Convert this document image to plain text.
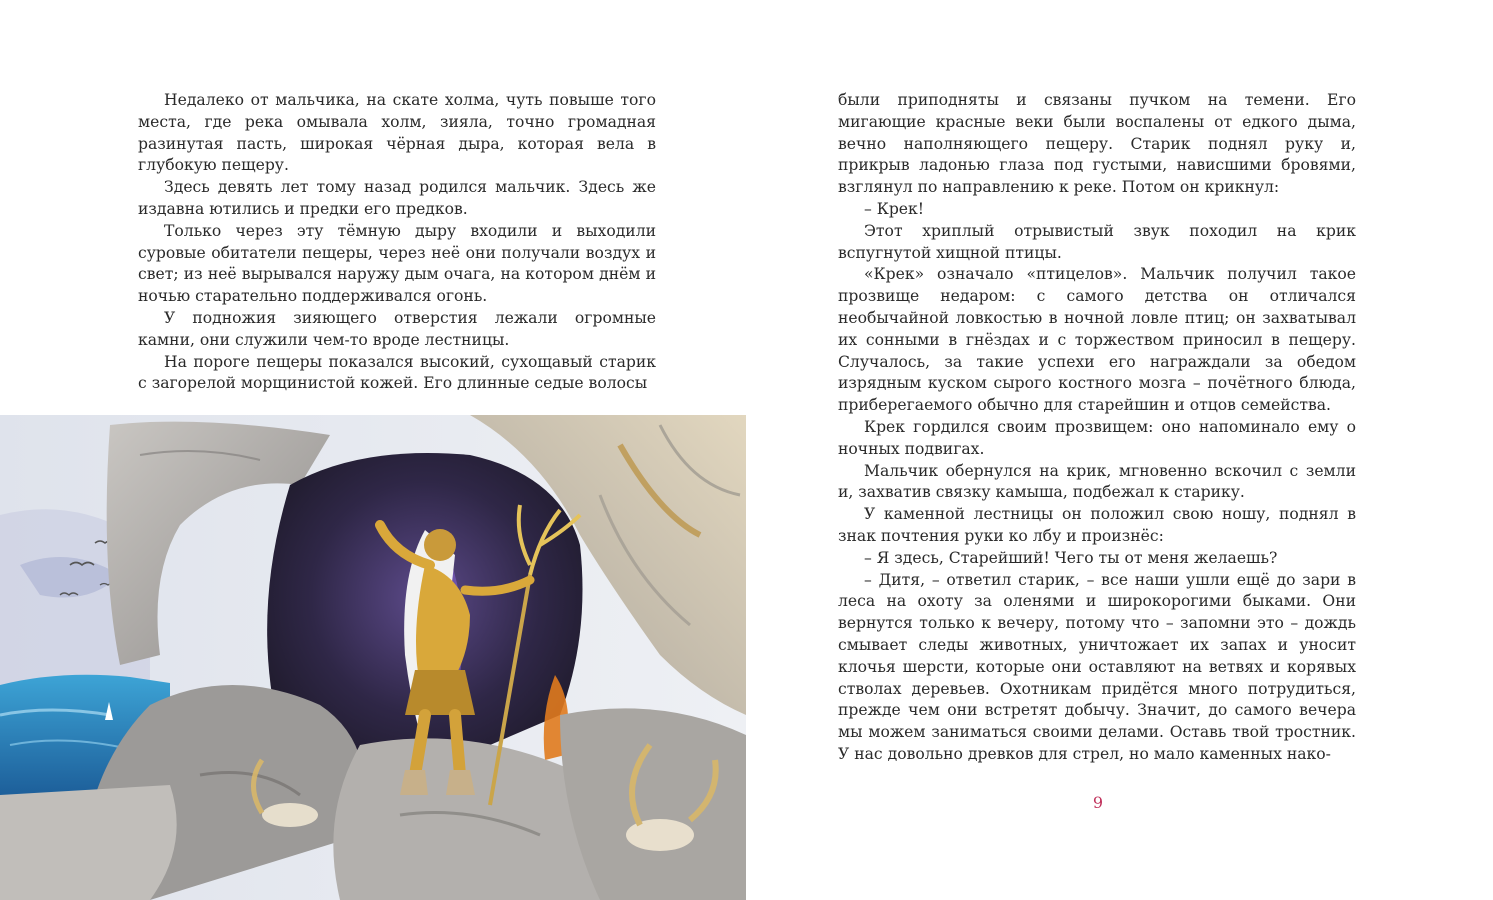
Недалеко от мальчика, на скате холма, чуть повыше того места, где река омывала холм, зияла, точно громадная разинутая пасть, широкая чёрная дыра, которая вела в глубокую пещеру.

Здесь девять лет тому назад родился мальчик. Здесь же издавна ютились и предки его предков.

Только через эту тёмную дыру входили и выходили суровые обитатели пещеры, через неё они получали воздух и свет; из неё вырывался наружу дым очага, на котором днём и ночью старательно поддерживался огонь.

У подножия зияющего отверстия лежали огромные камни, они служили чем-то вроде лестницы.

На пороге пещеры показался высокий, сухощавый старик с загорелой морщинистой кожей. Его длинные седые волосы

были приподняты и связаны пучком на темени. Его мигающие красные веки были воспалены от едкого дыма, вечно наполняющего пещеру. Старик поднял руку и, прикрыв ладонью глаза под густыми, нависшими бровями, взглянул по направлению к реке. Потом он крикнул:

– Крек!

Этот хриплый отрывистый звук походил на крик вспугнутой хищной птицы.

«Крек» означало «птицелов». Мальчик получил такое прозвище недаром: с самого детства он отличался необычайной ловкостью в ночной ловле птиц; он захватывал их сонными в гнёздах и с торжеством приносил в пещеру. Случалось, за такие успехи его награждали за обедом изрядным куском сырого костного мозга – почётного блюда, приберегаемого обычно для старейшин и отцов семейства.

Крек гордился своим прозвищем: оно напоминало ему о ночных подвигах.

Мальчик обернулся на крик, мгновенно вскочил с земли и, захватив связку камыша, подбежал к старику.

У каменной лестницы он положил свою ношу, поднял в знак почтения руки ко лбу и произнёс:

– Я здесь, Старейший! Чего ты от меня желаешь?

– Дитя, – ответил старик, – все наши ушли ещё до зари в леса на охоту за оленями и широкорогими быками. Они вернутся только к вечеру, потому что – запомни это – дождь смывает следы животных, уничтожает их запах и уносит клочья шерсти, которые они оставляют на ветвях и корявых стволах деревьев. Охотникам придётся много потрудиться, прежде чем они встретят добычу. Значит, до самого вечера мы можем заниматься своими делами. Оставь твой тростник. У нас довольно древков для стрел, но мало каменных нако-

9
